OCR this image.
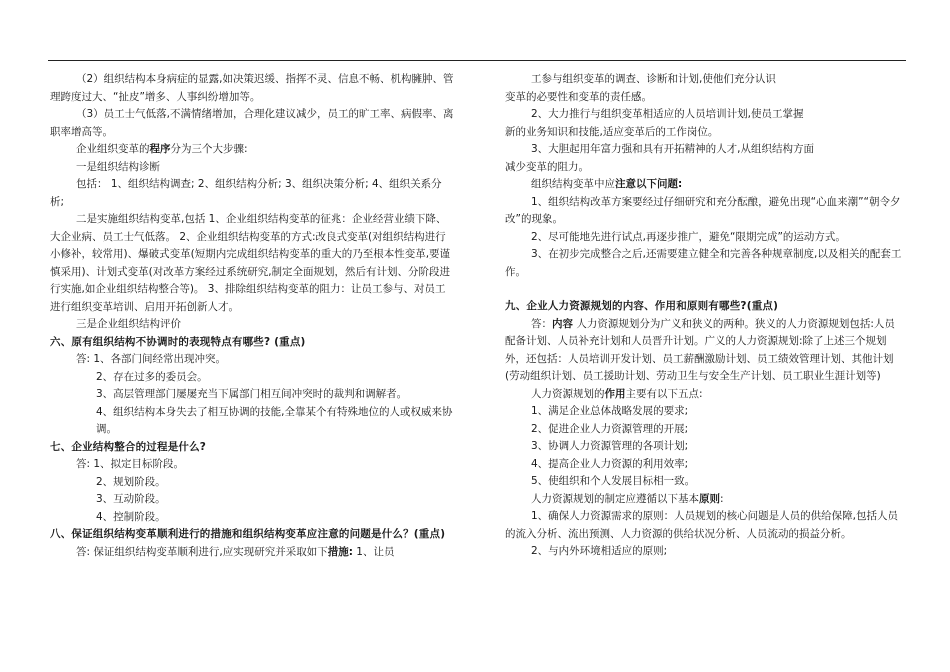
（2）组织结构本身病症的显露,如决策迟缓、指挥不灵、信息不畅、机构臃肿、管理跨度过大、“扯皮”增多、人事纠纷增加等。

（3）员工士气低落,不满情绪增加，合理化建议减少，员工的旷工率、病假率、离职率增高等。

企业组织变革的程序分为三个大步骤:

一是组织结构诊断

包括： 1、组织结构调查; 2、组织结构分析; 3、组织决策分析; 4、组织关系分析;

二是实施组织结构变革,包括 1、企业组织结构变革的征兆：企业经营业绩下降、大企业病、员工士气低落。 2、企业组织结构变革的方式:改良式变革(对组织结构进行小修补，较常用)、爆破式变革(短期内完成组织结构变革的重大的乃至根本性变革,要谨慎采用)、计划式变革(对改革方案经过系统研究,制定全面规划，然后有计划、分阶段进行实施,如企业组织结构整合等)。 3、排除组织结构变革的阻力：让员工参与、对员工进行组织变革培训、启用开拓创新人才。

三是企业组织结构评价

六、原有组织结构不协调时的表现特点有哪些? (重点)

答: 1、各部门间经常出现冲突。

2、存在过多的委员会。

3、高层管理部门屡屡充当下属部门相互间冲突时的裁判和调解者。

4、组织结构本身失去了相互协调的技能,全靠某个有特殊地位的人或权威来协调。

七、企业结构整合的过程是什么?

答: 1、拟定目标阶段。

2、规划阶段。

3、互动阶段。

4、控制阶段。

八、保证组织结构变革顺利进行的措施和组织结构变革应注意的问题是什么？(重点)

答: 保证组织结构变革顺利进行,应实现研究并采取如下措施: 1、让员

工参与组织变革的调查、诊断和计划,使他们充分认识

变革的必要性和变革的责任感。

2、大力推行与组织变革相适应的人员培训计划,使员工掌握

新的业务知识和技能,适应变革后的工作岗位。

3、大胆起用年富力强和具有开拓精神的人才,从组织结构方面

减少变革的阻力。

组织结构变革中应注意以下问题:

1、组织结构改革方案要经过仔细研究和充分酝酿，避免出现“心血来潮”“朝令夕改”的现象。

2、尽可能地先进行试点,再逐步推广，避免“限期完成”的运动方式。

3、在初步完成整合之后,还需要建立健全和完善各种规章制度,以及相关的配套工作。

九、企业人力资源规划的内容、作用和原则有哪些?(重点)

答：内容 人力资源规划分为广义和狭义的两种。狭义的人力资源规划包括:人员配备计划、人员补充计划和人员晋升计划。广义的人力资源规划:除了上述三个规划外，还包括：人员培训开发计划、员工薪酬激励计划、员工绩效管理计划、其他计划(劳动组织计划、员工援助计划、劳动卫生与安全生产计划、员工职业生涯计划等)

人力资源规划的作用主要有以下五点:

1、满足企业总体战略发展的要求;

2、促进企业人力资源管理的开展;

3、协调人力资源管理的各项计划;

4、提高企业人力资源的利用效率;

5、使组织和个人发展目标相一致。

人力资源规划的制定应遵循以下基本原则:

1、确保人力资源需求的原则：人员规划的核心问题是人员的供给保障,包括人员的流入分析、流出预测、人力资源的供给状况分析、人员流动的损益分析。

2、与内外环境相适应的原则;
